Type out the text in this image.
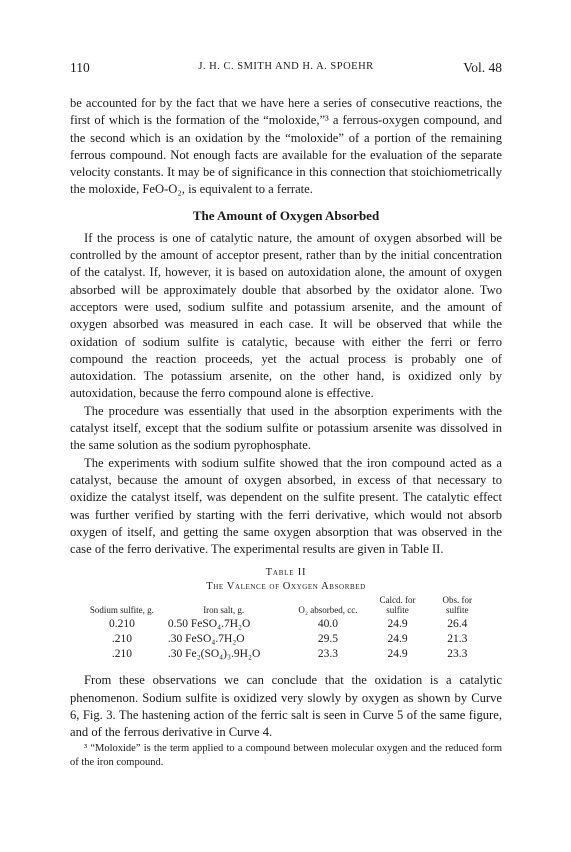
110	J. H. C. SMITH AND H. A. SPOEHR	Vol. 48

be accounted for by the fact that we have here a series of consecutive reactions, the first of which is the formation of the “moloxide,”³ a ferrous-oxygen compound, and the second which is an oxidation by the “moloxide” of a portion of the remaining ferrous compound. Not enough facts are available for the evaluation of the separate velocity constants. It may be of significance in this connection that stoichiometrically the moloxide, FeO-O₂, is equivalent to a ferrate.

The Amount of Oxygen Absorbed

If the process is one of catalytic nature, the amount of oxygen absorbed will be controlled by the amount of acceptor present, rather than by the initial concentration of the catalyst. If, however, it is based on autoxidation alone, the amount of oxygen absorbed will be approximately double that absorbed by the oxidator alone. Two acceptors were used, sodium sulfite and potassium arsenite, and the amount of oxygen absorbed was measured in each case. It will be observed that while the oxidation of sodium sulfite is catalytic, because with either the ferri or ferro compound the reaction proceeds, yet the actual process is probably one of autoxidation. The potassium arsenite, on the other hand, is oxidized only by autoxidation, because the ferro compound alone is effective.

The procedure was essentially that used in the absorption experiments with the catalyst itself, except that the sodium sulfite or potassium arsenite was dissolved in the same solution as the sodium pyrophosphate.

The experiments with sodium sulfite showed that the iron compound acted as a catalyst, because the amount of oxygen absorbed, in excess of that necessary to oxidize the catalyst itself, was dependent on the sulfite present. The catalytic effect was further verified by starting with the ferri derivative, which would not absorb oxygen of itself, and getting the same oxygen absorption that was observed in the case of the ferro derivative. The experimental results are given in Table II.

Table II
The Valence of Oxygen Absorbed
Sodium sulfite, g.	Iron salt, g.	O₂ absorbed, cc.	Calcd. for sulfite	Obs. for sulfite
0.210	0.50 FeSO₄.7H₂O	40.0	24.9	26.4
.210	.30 FeSO₄.7H₂O	29.5	24.9	21.3
.210	.30 Fe₂(SO₄)₃.9H₂O	23.3	24.9	23.3

From these observations we can conclude that the oxidation is a catalytic phenomenon. Sodium sulfite is oxidized very slowly by oxygen as shown by Curve 6, Fig. 3. The hastening action of the ferric salt is seen in Curve 5 of the same figure, and of the ferrous derivative in Curve 4.

³ “Moloxide” is the term applied to a compound between molecular oxygen and the reduced form of the iron compound.
